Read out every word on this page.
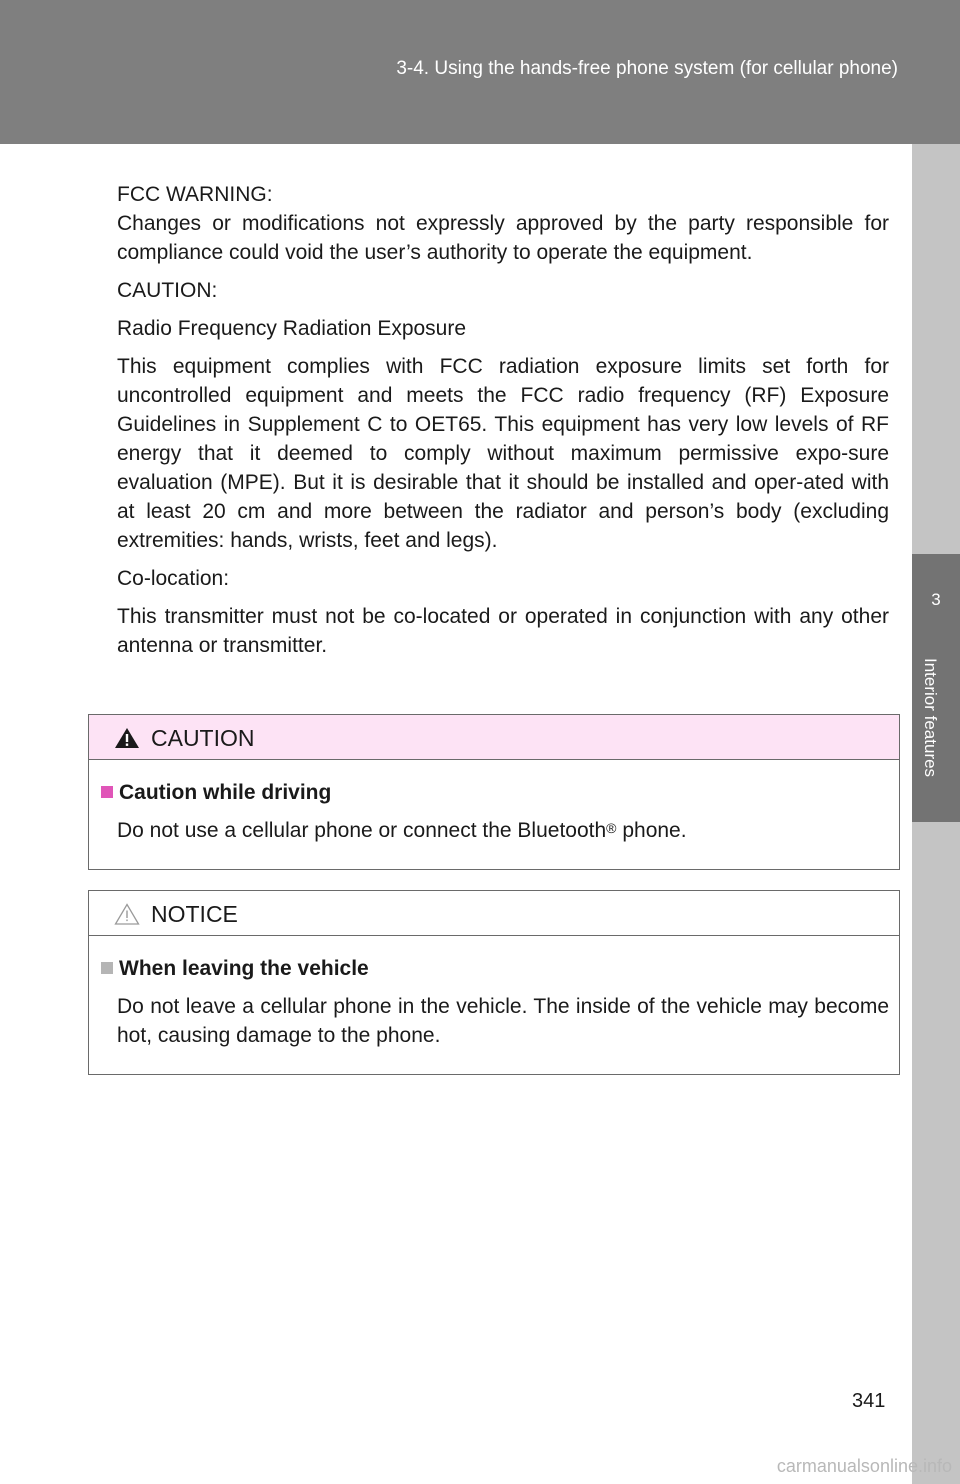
3-4. Using the hands-free phone system (for cellular phone)
3
Interior features

FCC WARNING:

Changes or modifications not expressly approved by the party responsible for compliance could void the user’s authority to operate the equipment.

CAUTION:

Radio Frequency Radiation Exposure

This equipment complies with FCC radiation exposure limits set forth for uncontrolled equipment and meets the FCC radio frequency (RF) Exposure Guidelines in Supplement C to OET65. This equipment has very low levels of RF energy that it deemed to comply without maximum permissive expo-sure evaluation (MPE). But it is desirable that it should be installed and oper-ated with at least 20 cm and more between the radiator and person’s body (excluding extremities: hands, wrists, feet and legs).

Co-location:

This transmitter must not be co-located or operated in conjunction with any other antenna or transmitter.

CAUTION
Caution while driving
Do not use a cellular phone or connect the Bluetooth® phone.
NOTICE
When leaving the vehicle
Do not leave a cellular phone in the vehicle. The inside of the vehicle may become hot, causing damage to the phone.
341
carmanualsonline.info
